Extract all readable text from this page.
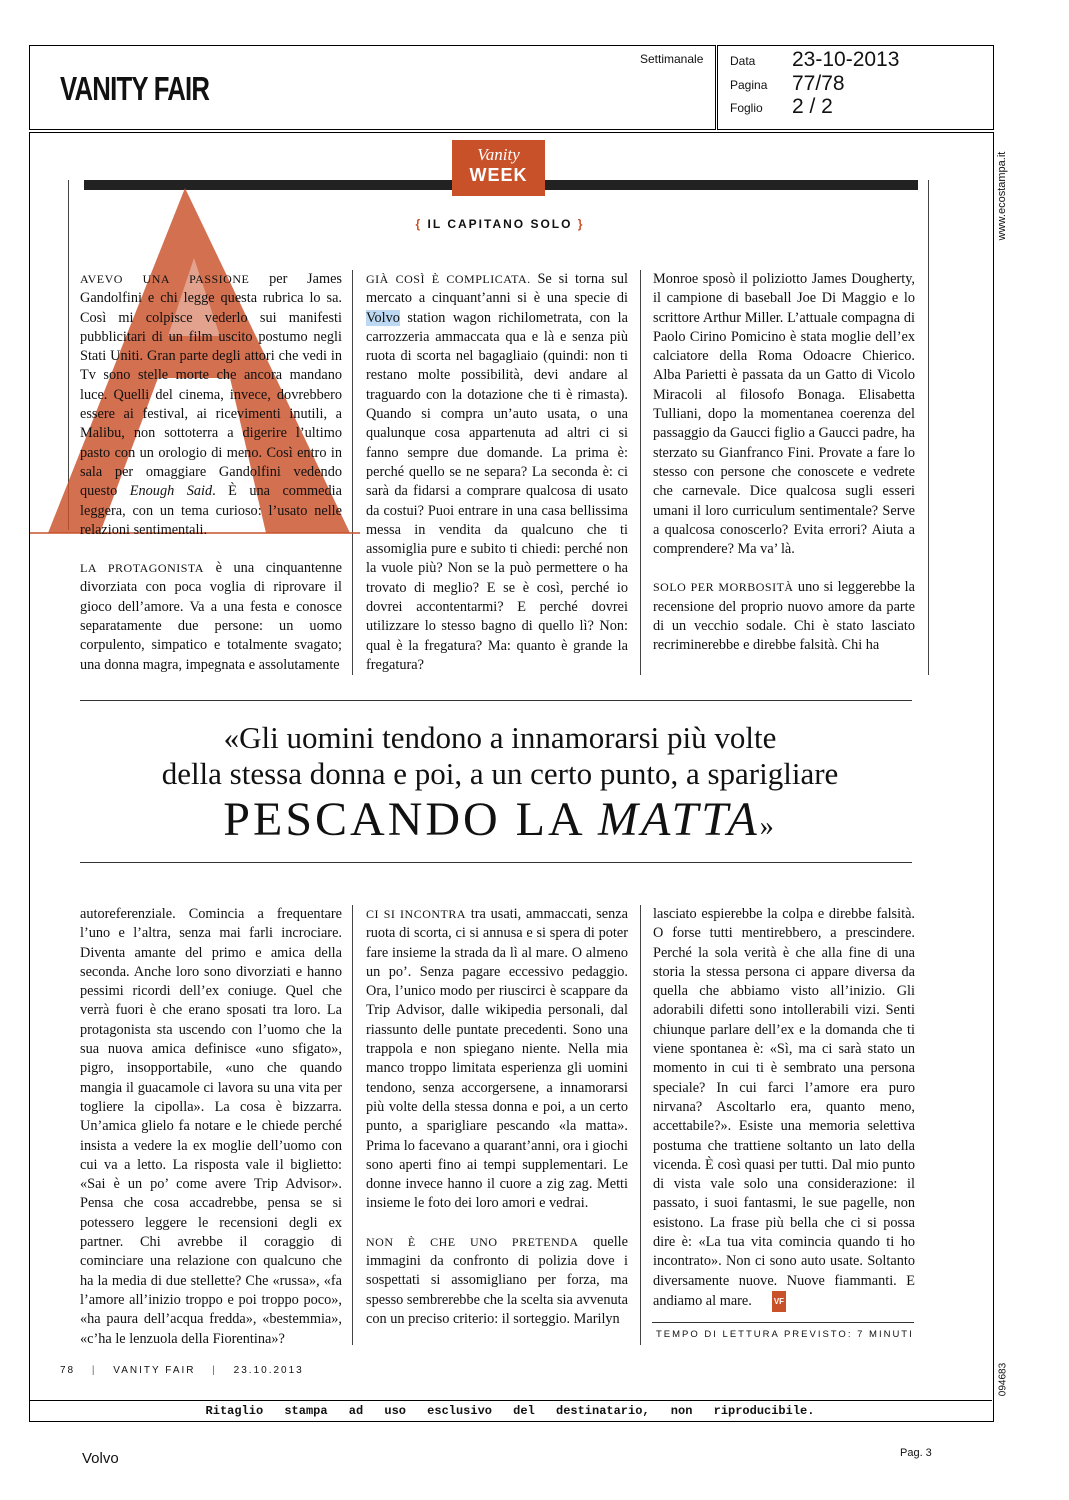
VANITY FAIR
Settimanale Data	23-10-2013
Pagina	77/78
Foglio	2 / 2
www.ecostampa.it
094683
Vanity
WEEK
{ IL CAPITANO SOLO }
A

AVEVO UNA PASSIONE per James Gandolfini e chi legge questa rubrica lo sa. Così mi colpisce vederlo sui manifesti pubblicitari di un film uscito postumo negli Stati Uniti. Gran parte degli attori che vedi in Tv sono stelle morte che ancora mandano luce. Quelli del cinema, invece, dovrebbero essere ai festival, ai ricevimenti inutili, a Malibu, non sottoterra a digerire l’ultimo pasto con un orologio di meno. Così entro in sala per omaggiare Gandolfini vedendo questo Enough Said. È una commedia leggera, con un tema curioso: l’usato nelle relazioni sentimentali.

LA PROTAGONISTA è una cinquantenne divorziata con poca voglia di riprovare il gioco dell’amore. Va a una festa e conosce separatamente due persone: un uomo corpulento, simpatico e totalmente svagato; una donna magra, impegnata e assolutamente

GIÀ COSÌ È COMPLICATA. Se si torna sul mercato a cinquant’anni si è una specie di Volvo station wagon richilometrata, con la carrozzeria ammaccata qua e là e senza più ruota di scorta nel bagagliaio (quindi: non ti restano molte possibilità, devi andare al traguardo con la dotazione che ti è rimasta). Quando si compra un’auto usata, o una qualunque cosa appartenuta ad altri ci si fanno sempre due domande. La prima è: perché quello se ne separa? La seconda è: ci sarà da fidarsi a comprare qualcosa di usato da costui? Puoi entrare in una casa bellissima messa in vendita da qualcuno che ti assomiglia pure e subito ti chiedi: perché non la vuole più? Non se la può permettere o ha trovato di meglio? E se è così, perché io dovrei accontentarmi? E perché dovrei utilizzare lo stesso bagno di quello lì? Non: qual è la fregatura? Ma: quanto è grande la fregatura?

Monroe sposò il poliziotto James Dougherty, il campione di baseball Joe Di Maggio e lo scrittore Arthur Miller. L’attuale compagna di Paolo Cirino Pomicino è stata moglie dell’ex calciatore della Roma Odoacre Chierico. Alba Parietti è passata da un Gatto di Vicolo Miracoli al filosofo Bonaga. Elisabetta Tulliani, dopo la momentanea coerenza del passaggio da Gaucci figlio a Gaucci padre, ha sterzato su Gianfranco Fini. Provate a fare lo stesso con persone che conoscete e vedrete che carnevale. Dice qualcosa sugli esseri umani il loro curriculum sentimentale? Serve a qualcosa conoscerlo? Evita errori? Aiuta a comprendere? Ma va’ là.

SOLO PER MORBOSITÀ uno si leggerebbe la recensione del proprio nuovo amore da parte di un vecchio sodale. Chi è stato lasciato recriminerebbe e direbbe falsità. Chi ha

«Gli uomini tendono a innamorarsi più volte
della stessa donna e poi, a un certo punto, a sparigliare
PESCANDO LA MATTA»

autoreferenziale. Comincia a frequentare l’uno e l’altra, senza mai farli incrociare. Diventa amante del primo e amica della seconda. Anche loro sono divorziati e hanno pessimi ricordi dell’ex coniuge. Quel che verrà fuori è che erano sposati tra loro. La protagonista sta uscendo con l’uomo che la sua nuova amica definisce «uno sfigato», pigro, insopportabile, «uno che quando mangia il guacamole ci lavora su una vita per togliere la cipolla». La cosa è bizzarra. Un’amica glielo fa notare e le chiede perché insista a vedere la ex moglie dell’uomo con cui va a letto. La risposta vale il biglietto: «Sai è un po’ come avere Trip Advisor». Pensa che cosa accadrebbe, pensa se si potessero leggere le recensioni degli ex partner. Chi avrebbe il coraggio di cominciare una relazione con qualcuno che ha la media di due stellette? Che «russa», «fa l’amore all’inizio troppo e poi troppo poco», «ha paura dell’acqua fredda», «bestemmia», «c’ha le lenzuola della Fiorentina»?

CI SI INCONTRA tra usati, ammaccati, senza ruota di scorta, ci si annusa e si spera di poter fare insieme la strada da lì al mare. O almeno un po’. Senza pagare eccessivo pedaggio. Ora, l’unico modo per riuscirci è scappare da Trip Advisor, dalle wikipedia personali, dal riassunto delle puntate precedenti. Sono una trappola e non spiegano niente. Nella mia manco troppo limitata esperienza gli uomini tendono, senza accorgersene, a innamorarsi più volte della stessa donna e poi, a un certo punto, a sparigliare pescando «la matta». Prima lo facevano a quarant’anni, ora i giochi sono aperti fino ai tempi supplementari. Le donne invece hanno il cuore a zig zag. Metti insieme le foto dei loro amori e vedrai.

NON È CHE UNO PRETENDA quelle immagini da confronto di polizia dove i sospettati si assomigliano per forza, ma spesso sembrerebbe che la scelta sia avvenuta con un preciso criterio: il sorteggio. Marilyn

lasciato espierebbe la colpa e direbbe falsità. O forse tutti mentirebbero, a prescindere. Perché la sola verità è che alla fine di una storia la stessa persona ci appare diversa da quella che abbiamo visto all’inizio. Gli adorabili difetti sono intollerabili vizi. Senti chiunque parlare dell’ex e la domanda che ti viene spontanea è: «Sì, ma ci sarà stato un momento in cui ti è sembrato una persona speciale? In cui farci l’amore era puro nirvana? Ascoltarlo era, quanto meno, accettabile?». Esiste una memoria selettiva postuma che trattiene soltanto un lato della vicenda. È così quasi per tutti. Dal mio punto di vista vale solo una considerazione: il passato, i suoi fantasmi, le sue pagelle, non esistono. La frase più bella che ci si possa dire è: «La tua vita comincia quando ti ho incontrato». Non ci sono auto usate. Soltanto diversamente nuove. Nuove fiammanti. E andiamo al mare.	VF

TEMPO DI LETTURA PREVISTO: 7 MINUTI
78 | VANITY FAIR | 23.10.2013
Ritaglio stampa ad uso esclusivo del destinatario, non riproducibile.
Volvo	Pag. 3
